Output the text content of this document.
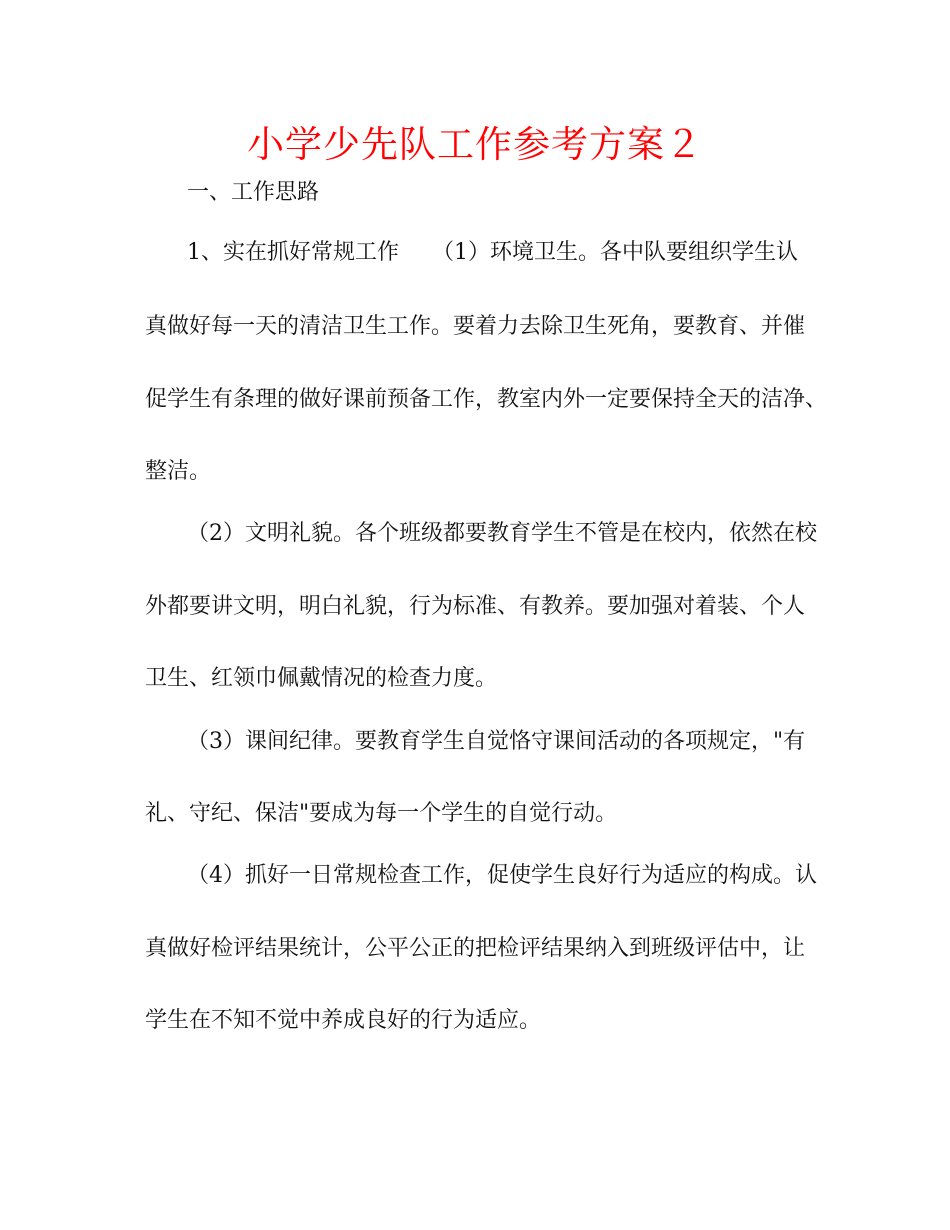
小学少先队工作参考方案２
一、工作思路
1、实在抓好常规工作　　（1）环境卫生。各中队要组织学生认
真做好每一天的清洁卫生工作。要着力去除卫生死角，要教育、并催
促学生有条理的做好课前预备工作，教室内外一定要保持全天的洁净、
整洁。
（2）文明礼貌。各个班级都要教育学生不管是在校内，依然在校
外都要讲文明，明白礼貌，行为标准、有教养。要加强对着装、个人
卫生、红领巾佩戴情况的检查力度。
（3）课间纪律。要教育学生自觉恪守课间活动的各项规定，"有
礼、守纪、保洁"要成为每一个学生的自觉行动。
（4）抓好一日常规检查工作，促使学生良好行为适应的构成。认
真做好检评结果统计，公平公正的把检评结果纳入到班级评估中，让
学生在不知不觉中养成良好的行为适应。
